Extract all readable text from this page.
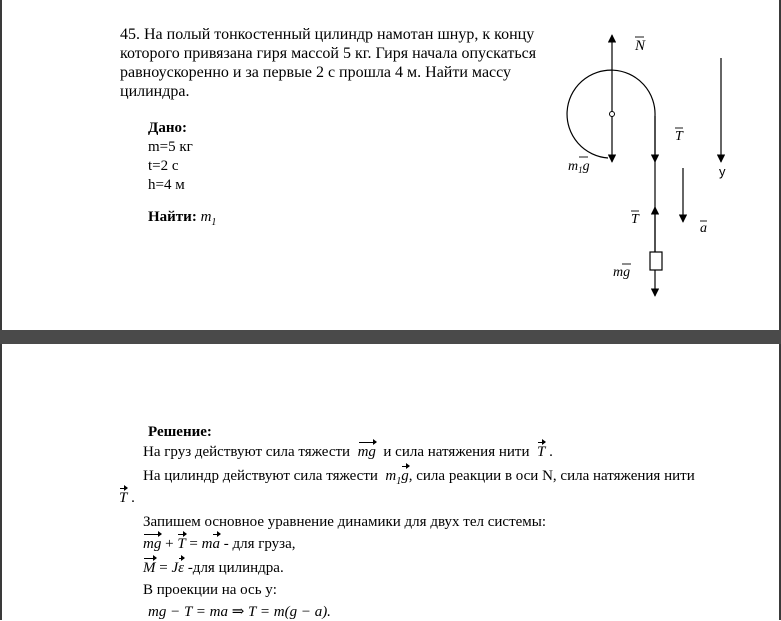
45. На полый тонкостенный цилиндр намотан шнур, к концу которого привязана гиря массой 5 кг. Гиря начала опускаться равноускоренно и за первые 2 с прошла 4 м. Найти массу цилиндра.
Дано:
m=5 кг
t=2 c
h=4 м
Найти: $m_1$
N
T
T
$m_1g$	y
a
mg
Решение:
На груз действуют сила тяжести mg и сила натяжения нити T .
На цилиндр действуют сила тяжести $m_1g$, сила реакции в оси N, сила натяжения нити
T .
Запишем основное уравнение динамики для двух тел системы:
mg + T = ma - для груза,
M = Jε -для цилиндра.
В проекции на ось y:
mg − T = ma ⇒ T = m(g − a).
